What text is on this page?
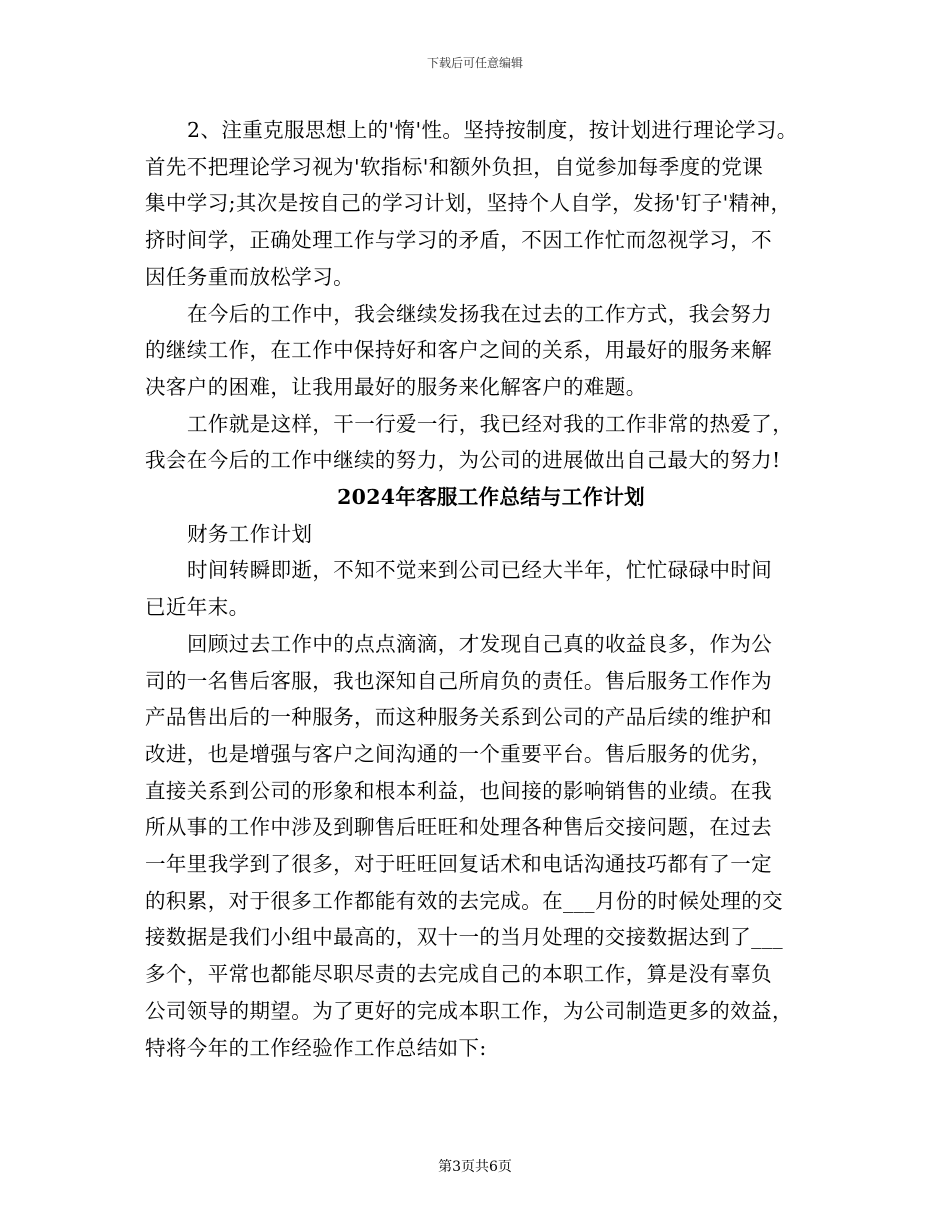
下载后可任意编辑

2、注重克服思想上的'惰'性。坚持按制度，按计划进行理论学习。
首先不把理论学习视为'软指标'和额外负担，自觉参加每季度的党课
集中学习;其次是按自己的学习计划，坚持个人自学，发扬'钉子'精神，
挤时间学，正确处理工作与学习的矛盾，不因工作忙而忽视学习，不
因任务重而放松学习。

在今后的工作中，我会继续发扬我在过去的工作方式，我会努力
的继续工作，在工作中保持好和客户之间的关系，用最好的服务来解
决客户的困难，让我用最好的服务来化解客户的难题。

工作就是这样，干一行爱一行，我已经对我的工作非常的热爱了，
我会在今后的工作中继续的努力，为公司的进展做出自己最大的努力!

2024年客服工作总结与工作计划

财务工作计划

时间转瞬即逝，不知不觉来到公司已经大半年，忙忙碌碌中时间
已近年末。

回顾过去工作中的点点滴滴，才发现自己真的收益良多，作为公
司的一名售后客服，我也深知自己所肩负的责任。售后服务工作作为
产品售出后的一种服务，而这种服务关系到公司的产品后续的维护和
改进，也是增强与客户之间沟通的一个重要平台。售后服务的优劣，
直接关系到公司的形象和根本利益，也间接的影响销售的业绩。在我
所从事的工作中涉及到聊售后旺旺和处理各种售后交接问题，在过去
一年里我学到了很多，对于旺旺回复话术和电话沟通技巧都有了一定
的积累，对于很多工作都能有效的去完成。在___月份的时候处理的交
接数据是我们小组中最高的，双十一的当月处理的交接数据达到了___
多个，平常也都能尽职尽责的去完成自己的本职工作，算是没有辜负
公司领导的期望。为了更好的完成本职工作，为公司制造更多的效益，
特将今年的工作经验作工作总结如下:

第3页共6页
